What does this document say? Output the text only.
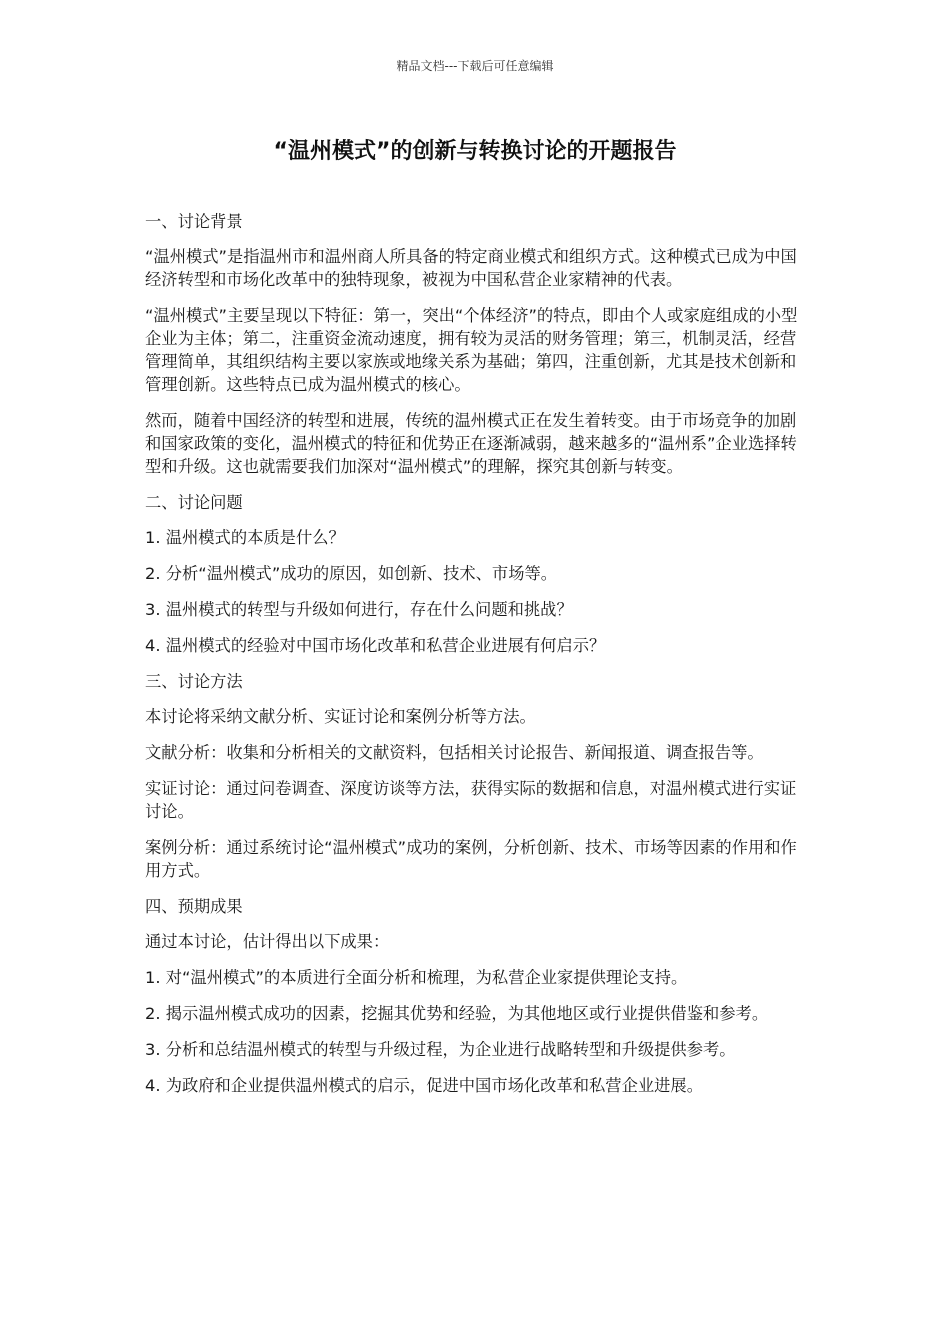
精品文档---下载后可任意编辑
“温州模式”的创新与转换讨论的开题报告

一、讨论背景

“温州模式”是指温州市和温州商人所具备的特定商业模式和组织方式。这种模式已成为中国经济转型和市场化改革中的独特现象，被视为中国私营企业家精神的代表。

“温州模式”主要呈现以下特征：第一，突出“个体经济”的特点，即由个人或家庭组成的小型企业为主体；第二，注重资金流动速度，拥有较为灵活的财务管理；第三，机制灵活，经营管理简单，其组织结构主要以家族或地缘关系为基础；第四，注重创新，尤其是技术创新和管理创新。这些特点已成为温州模式的核心。

然而，随着中国经济的转型和进展，传统的温州模式正在发生着转变。由于市场竞争的加剧和国家政策的变化，温州模式的特征和优势正在逐渐减弱，越来越多的“温州系”企业选择转型和升级。这也就需要我们加深对“温州模式”的理解，探究其创新与转变。

二、讨论问题

1. 温州模式的本质是什么？

2. 分析“温州模式”成功的原因，如创新、技术、市场等。

3. 温州模式的转型与升级如何进行，存在什么问题和挑战？

4. 温州模式的经验对中国市场化改革和私营企业进展有何启示？

三、讨论方法

本讨论将采纳文献分析、实证讨论和案例分析等方法。

文献分析：收集和分析相关的文献资料，包括相关讨论报告、新闻报道、调查报告等。

实证讨论：通过问卷调查、深度访谈等方法，获得实际的数据和信息，对温州模式进行实证讨论。

案例分析：通过系统讨论“温州模式”成功的案例，分析创新、技术、市场等因素的作用和作用方式。

四、预期成果

通过本讨论，估计得出以下成果：

1. 对“温州模式”的本质进行全面分析和梳理，为私营企业家提供理论支持。

2. 揭示温州模式成功的因素，挖掘其优势和经验，为其他地区或行业提供借鉴和参考。

3. 分析和总结温州模式的转型与升级过程，为企业进行战略转型和升级提供参考。

4. 为政府和企业提供温州模式的启示，促进中国市场化改革和私营企业进展。
